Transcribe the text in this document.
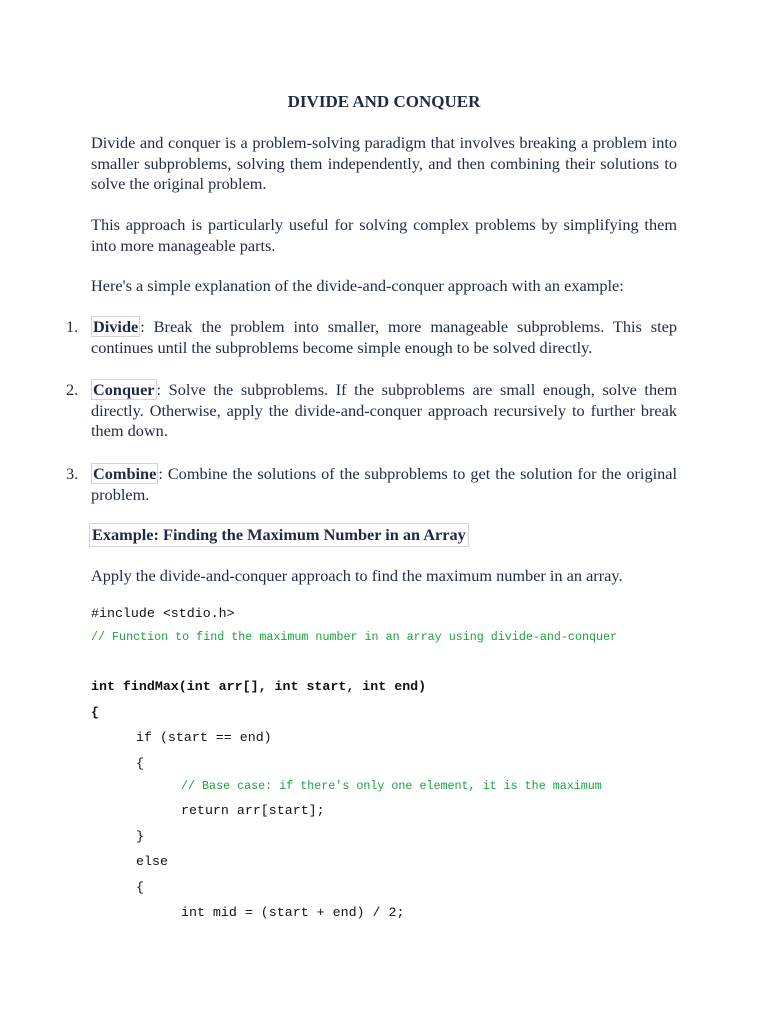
DIVIDE AND CONQUER
Divide and conquer is a problem-solving paradigm that involves breaking a problem into smaller subproblems, solving them independently, and then combining their solutions to solve the original problem.
This approach is particularly useful for solving complex problems by simplifying them into more manageable parts.
Here's a simple explanation of the divide-and-conquer approach with an example:
1. Divide : Break the problem into smaller, more manageable subproblems. This step continues until the subproblems become simple enough to be solved directly.
2. Conquer : Solve the subproblems. If the subproblems are small enough, solve them directly. Otherwise, apply the divide-and-conquer approach recursively to further break them down.
3. Combine : Combine the solutions of the subproblems to get the solution for the original problem.
Example: Finding the Maximum Number in an Array
Apply the divide-and-conquer approach to find the maximum number in an array.
#include <stdio.h>
// Function to find the maximum number in an array using divide-and-conquer
int findMax(int arr[], int start, int end)
{
if (start == end)
{
// Base case: if there's only one element, it is the maximum
return arr[start];
}
else
{
int mid = (start + end) / 2;
